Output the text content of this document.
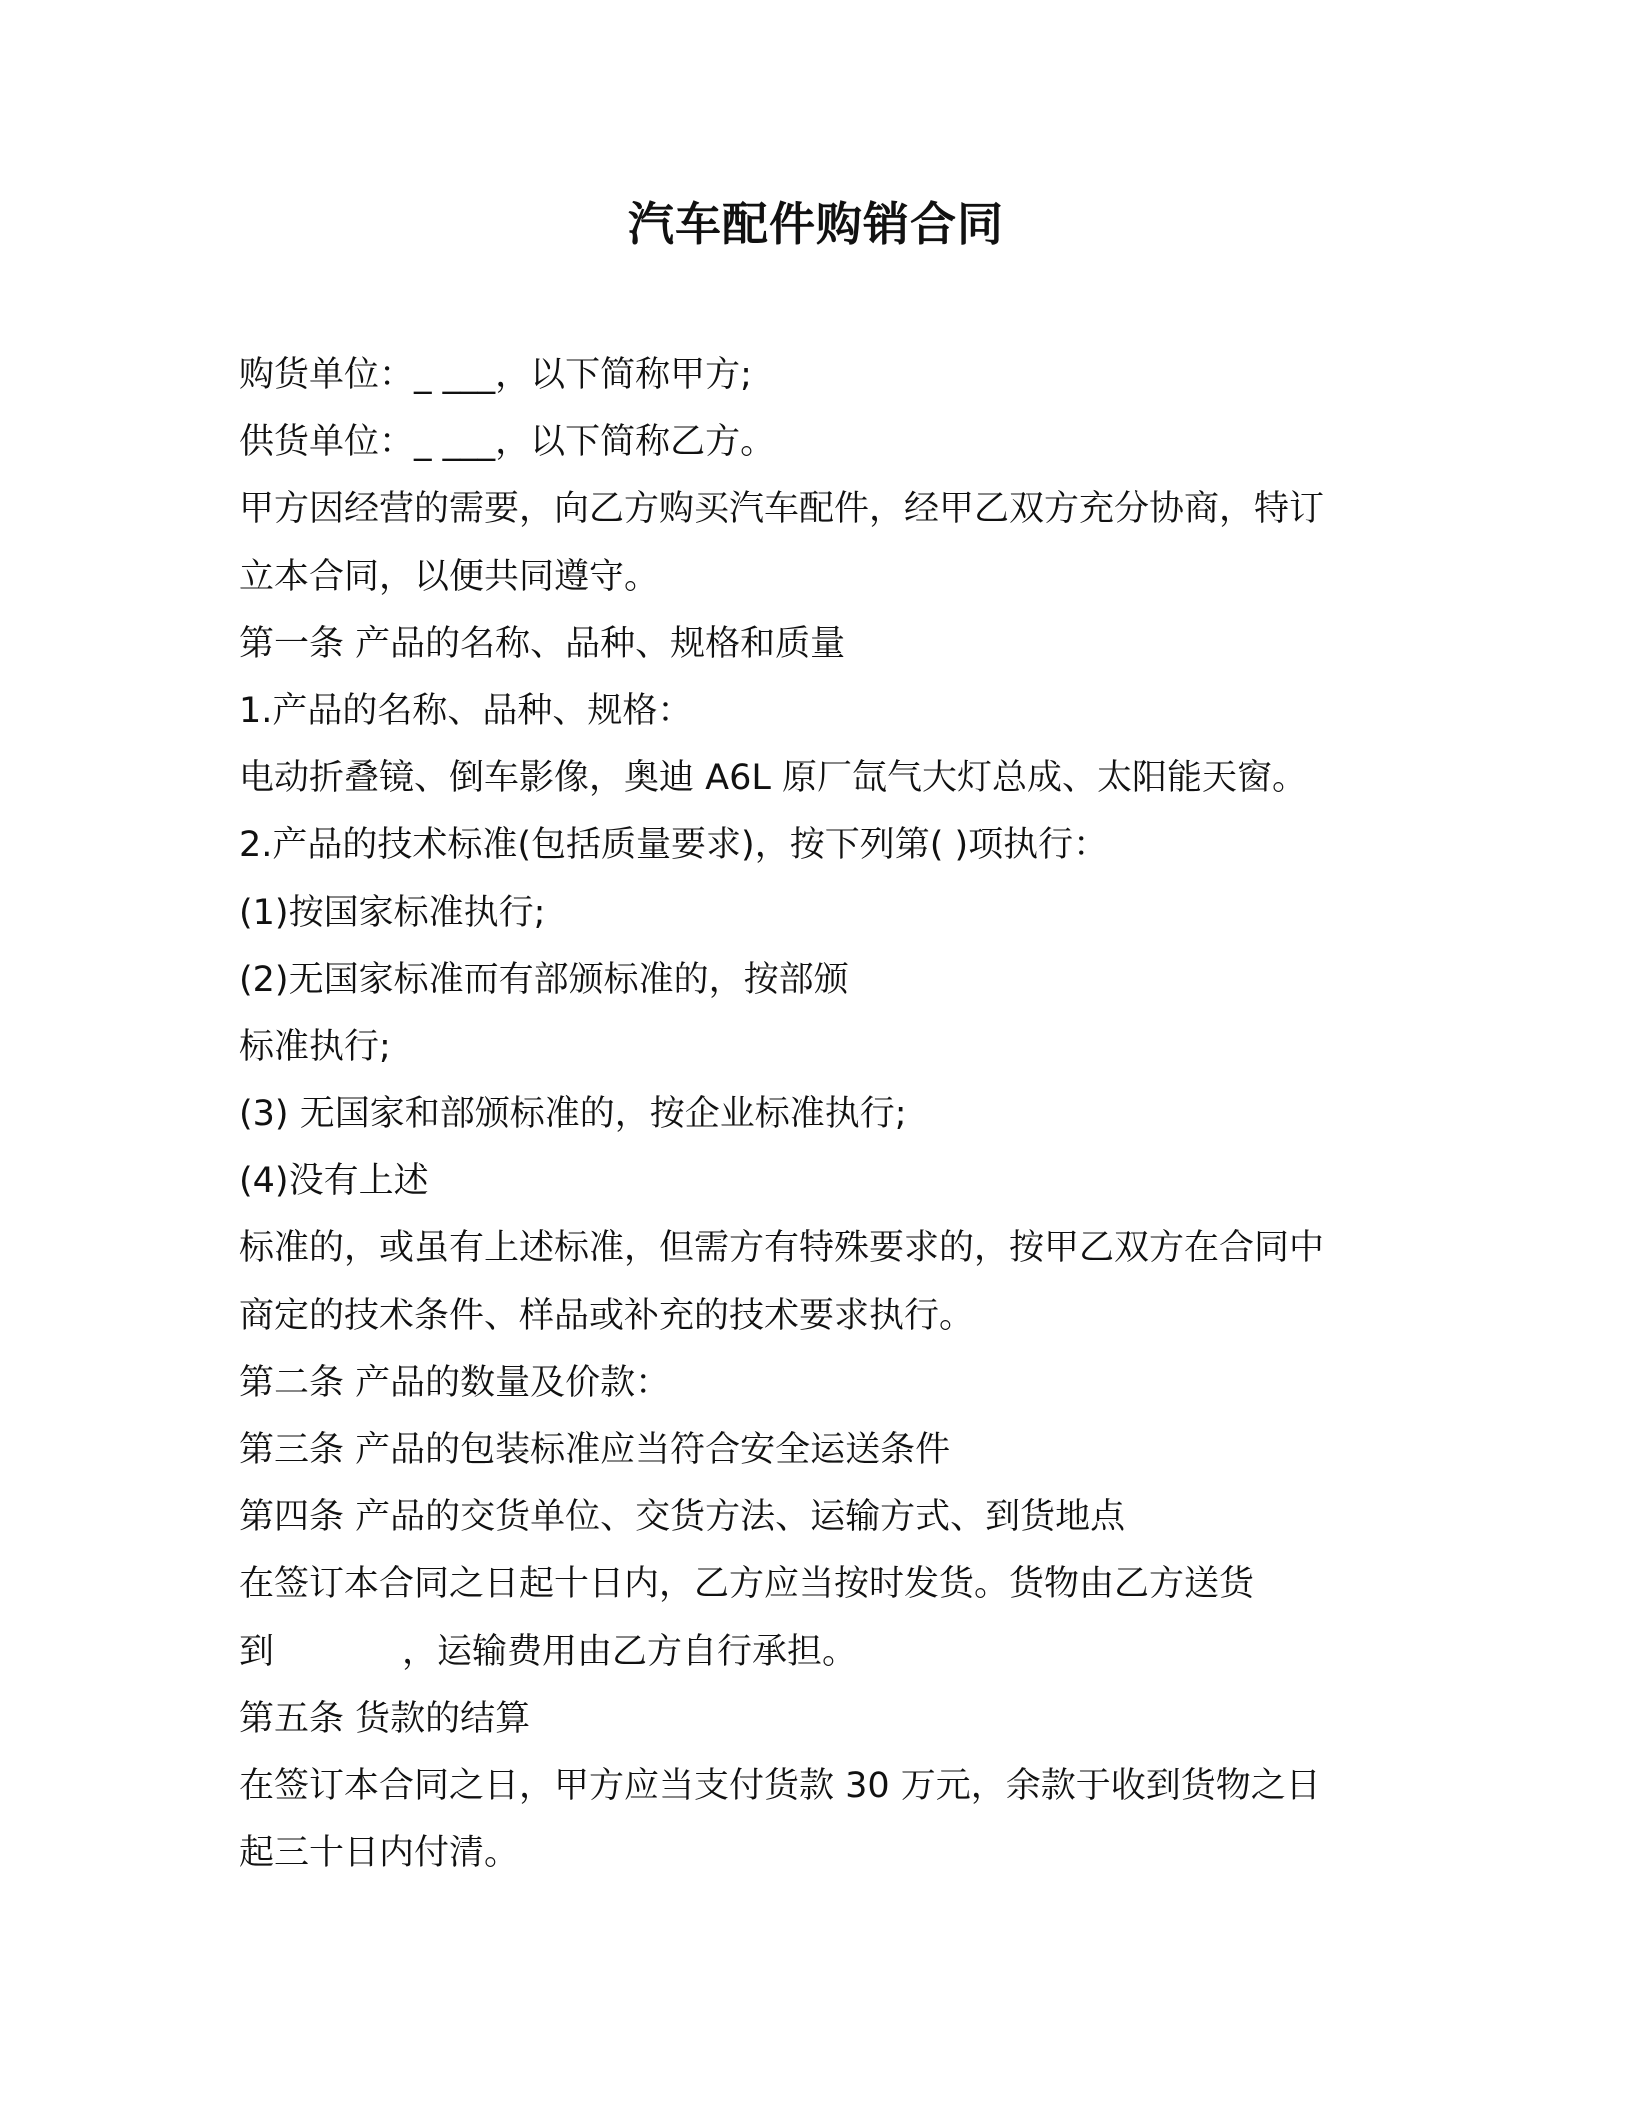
汽车配件购销合同
购货单位：_ ___，以下简称甲方;
供货单位：_ ___，以下简称乙方。
甲方因经营的需要，向乙方购买汽车配件，经甲乙双方充分协商，特订
立本合同，以便共同遵守。
第一条 产品的名称、品种、规格和质量
1.产品的名称、品种、规格：
电动折叠镜、倒车影像，奥迪 A6L 原厂氙气大灯总成、太阳能天窗。
2.产品的技术标准(包括质量要求)，按下列第( )项执行：
(1)按国家标准执行;
(2)无国家标准而有部颁标准的，按部颁
标准执行;
(3) 无国家和部颁标准的，按企业标准执行;
(4)没有上述
标准的，或虽有上述标准，但需方有特殊要求的，按甲乙双方在合同中
商定的技术条件、样品或补充的技术要求执行。
第二条 产品的数量及价款：
第三条 产品的包装标准应当符合安全运送条件
第四条 产品的交货单位、交货方法、运输方式、到货地点
在签订本合同之日起十日内，乙方应当按时发货。货物由乙方送货
到	，运输费用由乙方自行承担。
第五条 货款的结算
在签订本合同之日，甲方应当支付货款 30 万元，余款于收到货物之日
起三十日内付清。
